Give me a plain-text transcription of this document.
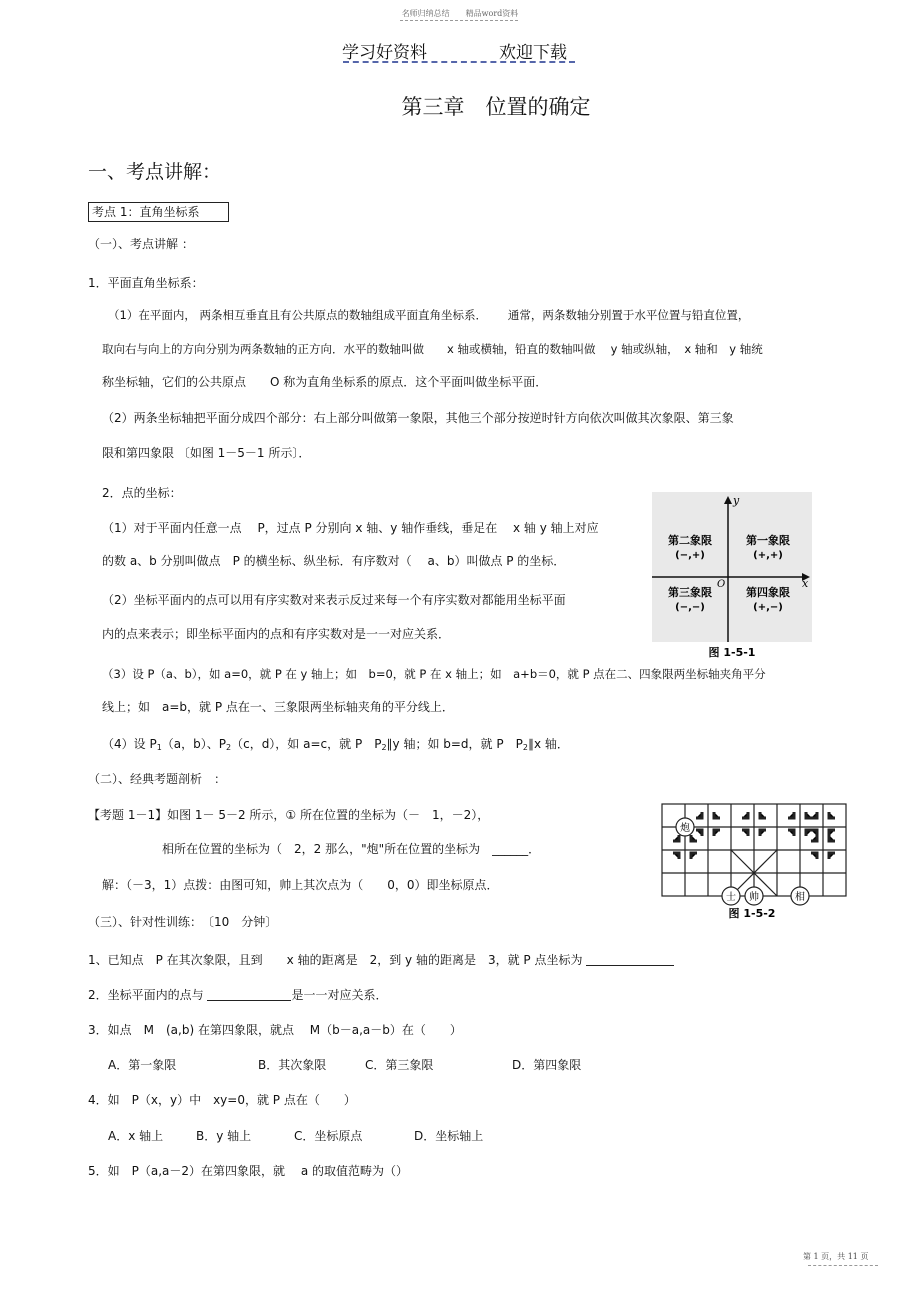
名师归纳总结　　精品word资料
学习好资料	欢迎下载
第三章　位置的确定
一、考点讲解：
考点 1：直角坐标系
（一）、考点讲解 ：
1．平面直角坐标系：
（1）在平面内， 两条相互垂直且有公共原点的数轴组成平面直角坐标系．　　 通常，两条数轴分别置于水平位置与铅直位置，
取向右与向上的方向分别为两条数轴的正方向．水平的数轴叫做　　x 轴或横轴，铅直的数轴叫做　 y 轴或纵轴，　x 轴和　y 轴统
称坐标轴，它们的公共原点　　O 称为直角坐标系的原点．这个平面叫做坐标平面．
（2）两条坐标轴把平面分成四个部分：右上部分叫做第一象限，其他三个部分按逆时针方向依次叫做其次象限、第三象
限和第四象限 〔如图 1－5－1 所示〕．
2．点的坐标：
（1）对于平面内任意一点　 P，过点 P 分别向 x 轴、y 轴作垂线，垂足在　 x 轴 y 轴上对应
的数 a、b 分别叫做点　P 的横坐标、纵坐标．有序数对（　 a、b）叫做点 P 的坐标．
（2）坐标平面内的点可以用有序实数对来表示反过来每一个有序实数对都能用坐标平面
内的点来表示；即坐标平面内的点和有序实数对是一一对应关系．
（3）设 P（a、b），如 a=0，就 P 在 y 轴上；如　b=0，就 P 在 x 轴上；如　a+b＝0，就 P 点在二、四象限两坐标轴夹角平分
线上；如　a=b，就 P 点在一、三象限两坐标轴夹角的平分线上．
（4）设 $P_1(a$，b）、$P_2(c$，d），如 a=c，就 P　$P_2\parallel y$ 轴；如 b=d，就 P　$P_2\parallel x$ 轴．
（二）、经典考题剖析　：
【考题 1－1】如图 1－ 5－2 所示，① 所在位置的坐标为（－　1，－2），
相所在位置的坐标为（　2，2 那么，"炮"所在位置的坐标为　______．
解：（－3，1）点拨：由图可知，帅上其次点为（　　0，0）即坐标原点．
（三）、针对性训练：　〔10　分钟〕
1、已知点　P 在其次象限，且到　　x 轴的距离是　2，到 y 轴的距离是　3，就 P 点坐标为
2．坐标平面内的点与	是一一对应关系．
3．如点　M　(a,b) 在第四象限，就点　 M（b－a,a－b）在（　　）
A．第一象限	B．其次象限	C．第三象限	D．第四象限
4．如　P（x，y）中　xy=0，就 P 点在（　　）
A．x 轴上	B．y 轴上	C．坐标原点	D．坐标轴上
5．如　P（a,a－2）在第四象限，就　 a 的取值范畴为（）
x
y
O
第二象限
(−,+)
第一象限
(+,+)
第三象限
(−,−)
第四象限
(+,−)
图 1-5-1
炮
士 帅	相
图 1-5-2
第 1 页，共 11 页
